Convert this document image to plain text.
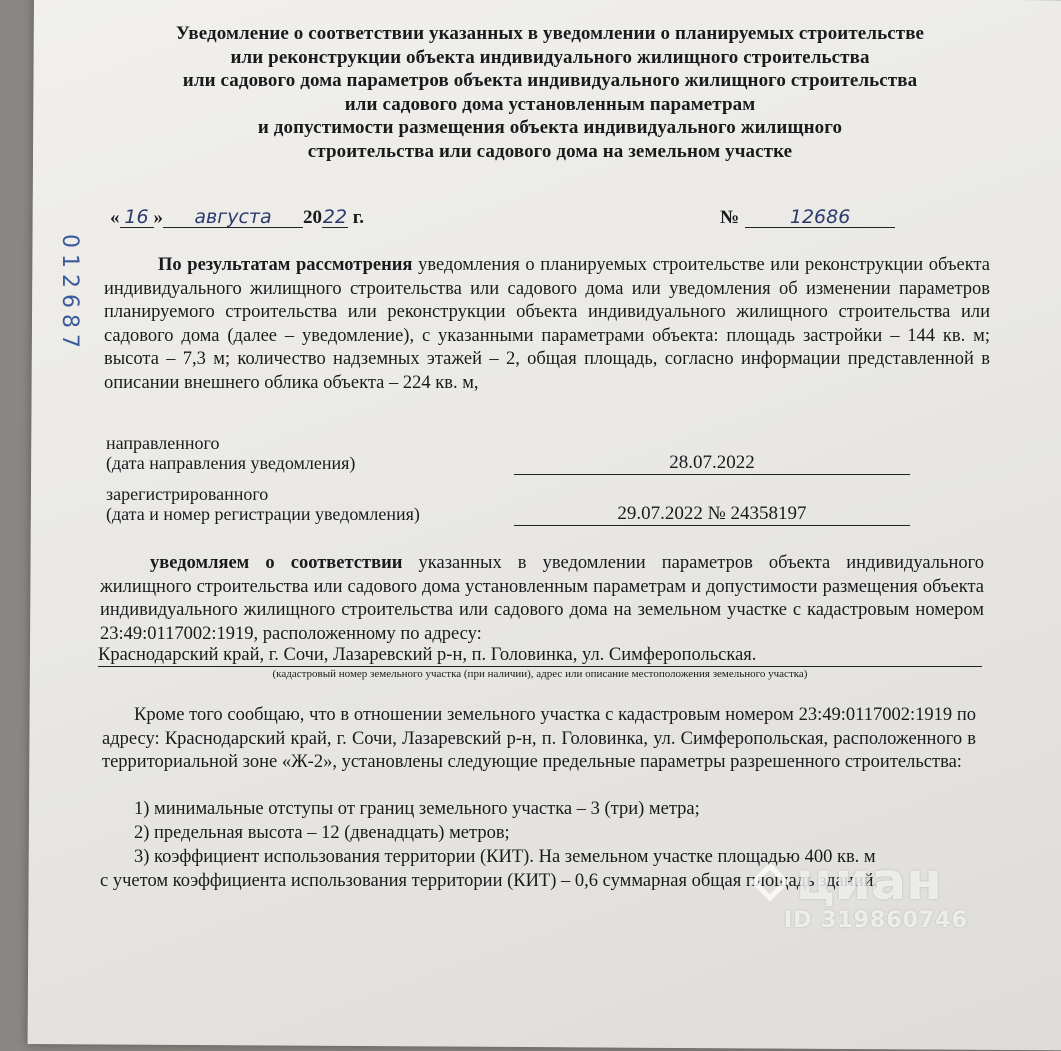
Уведомление о соответствии указанных в уведомлении о планируемых строительстве
или реконструкции объекта индивидуального жилищного строительства
или садового дома параметров объекта индивидуального жилищного строительства
или садового дома установленным параметрам
и допустимости размещения объекта индивидуального жилищного
строительства или садового дома на земельном участке
012687
« 16 » августа 2022 г.	№	12686
По результатам рассмотрения уведомления о планируемых строительстве или реконструкции объекта индивидуального жилищного строительства или садового дома или уведомления об изменении параметров планируемого строительства или реконструкции объекта индивидуального жилищного строительства или садового дома (далее – уведомление), с указанными параметрами объекта: площадь застройки – 144 кв. м; высота – 7,3 м; количество надземных этажей – 2, общая площадь, согласно информации представленной в описании внешнего облика объекта – 224 кв. м,
направленного
(дата направления уведомления)	28.07.2022
зарегистрированного
(дата и номер регистрации уведомления)	29.07.2022 № 24358197
уведомляем о соответствии указанных в уведомлении параметров объекта индивидуального жилищного строительства или садового дома установленным параметрам и допустимости размещения объекта индивидуального жилищного строительства или садового дома на земельном участке с кадастровым номером 23:49:0117002:1919, расположенному по адресу:
Краснодарский край, г. Сочи, Лазаревский р-н, п. Головинка, ул. Симферопольская.
(кадастровый номер земельного участка (при наличии), адрес или описание местоположения земельного участка)
Кроме того сообщаю, что в отношении земельного участка с кадастровым номером 23:49:0117002:1919 по адресу: Краснодарский край, г. Сочи, Лазаревский р-н, п. Головинка, ул. Симферопольская, расположенного в территориальной зоне «Ж-2», установлены следующие предельные параметры разрешенного строительства:
1) минимальные отступы от границ земельного участка – 3 (три) метра;
2) предельная высота – 12 (двенадцать) метров;
3) коэффициент использования территории (КИТ). На земельном участке площадью 400 кв. м
с учетом коэффициента использования территории (КИТ) – 0,6 суммарная общая площадь зданий,
циан
ID 319860746
